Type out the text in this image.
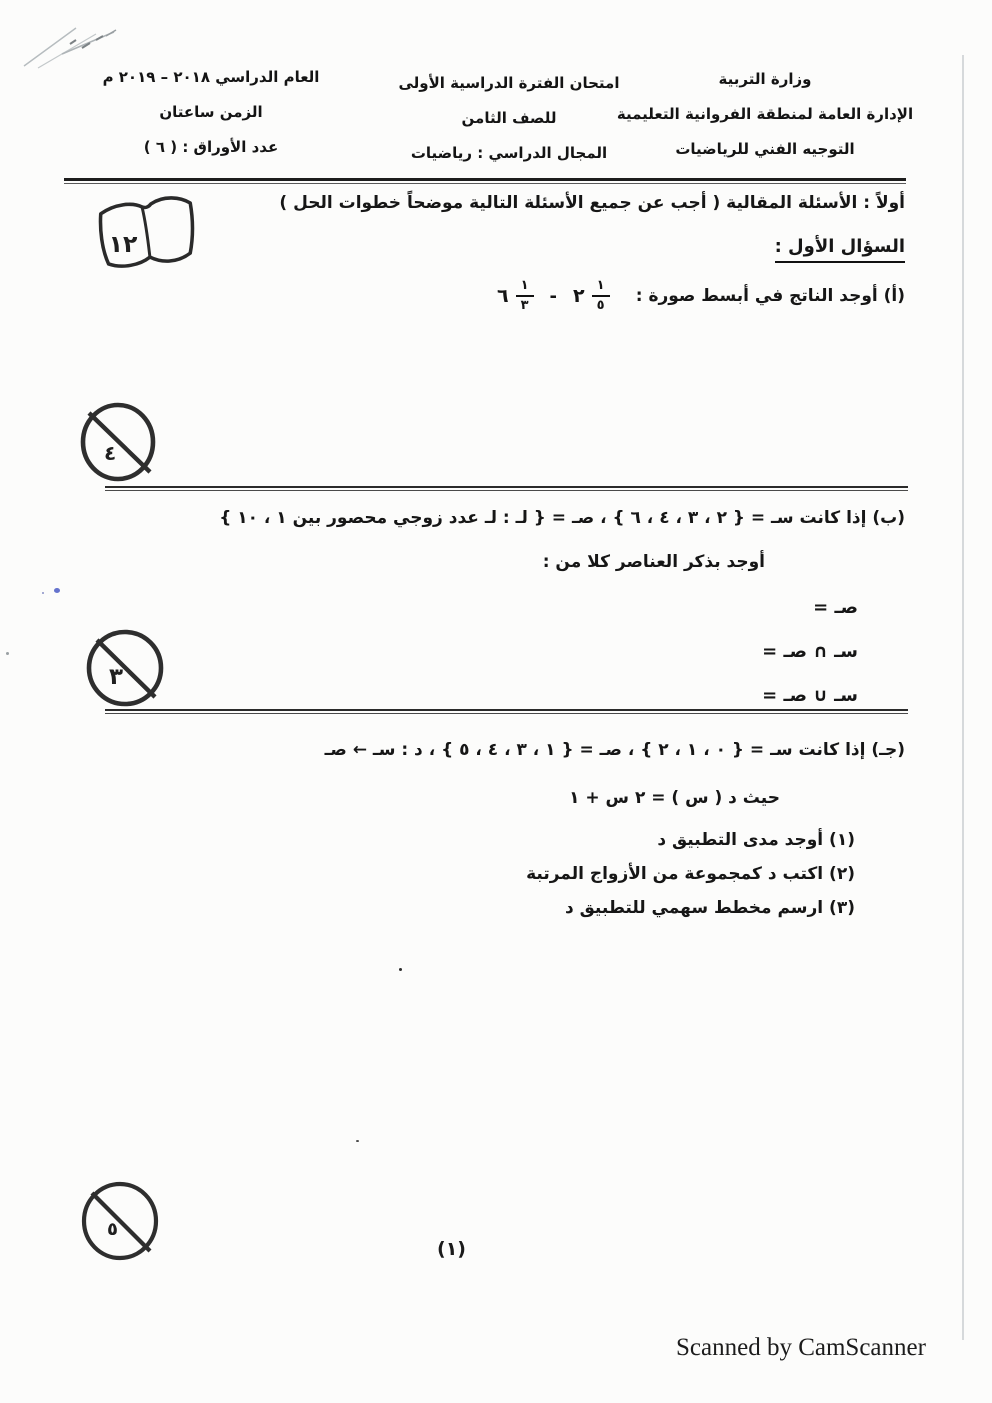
وزارة التربية
الإدارة العامة لمنطقة الفروانية التعليمية
التوجيه الفني للرياضيات
امتحان الفترة الدراسية الأولى
للصف الثامن
المجال الدراسي : رياضيات
العام الدراسي ٢٠١٨ – ٢٠١٩ م
الزمن ساعتان
عدد الأوراق : ( ٦ )
أولاً : الأسئلة المقالية ( أجب عن جميع الأسئلة التالية موضحاً خطوات الحل )
١٢	السؤال الأول :
(أ) أوجد الناتج في أبسط صورة :
٦ $\frac{١}{٣}$ - ٢ $\frac{١}{٥}$
٤
(ب) إذا كانت سـ = { ٢ ، ٣ ، ٤ ، ٦ } ، صـ = { لـ : لـ عدد زوجي محصور بين ١ ، ١٠ }
أوجد بذكر العناصر كلا من :
صـ =
سـ ∩ صـ =
سـ ∪ صـ =
٣
(جـ) إذا كانت سـ = { ٠ ، ١ ، ٢ } ، صـ = { ١ ، ٣ ، ٤ ، ٥ } ، د : سـ ← صـ
حيث د ( س ) = ٢ س + ١
(١) أوجد مدى التطبيق د
(٢) اكتب د كمجموعة من الأزواج المرتبة
(٣) ارسم مخطط سهمي للتطبيق د
٥
(١)
Scanned by CamScanner
